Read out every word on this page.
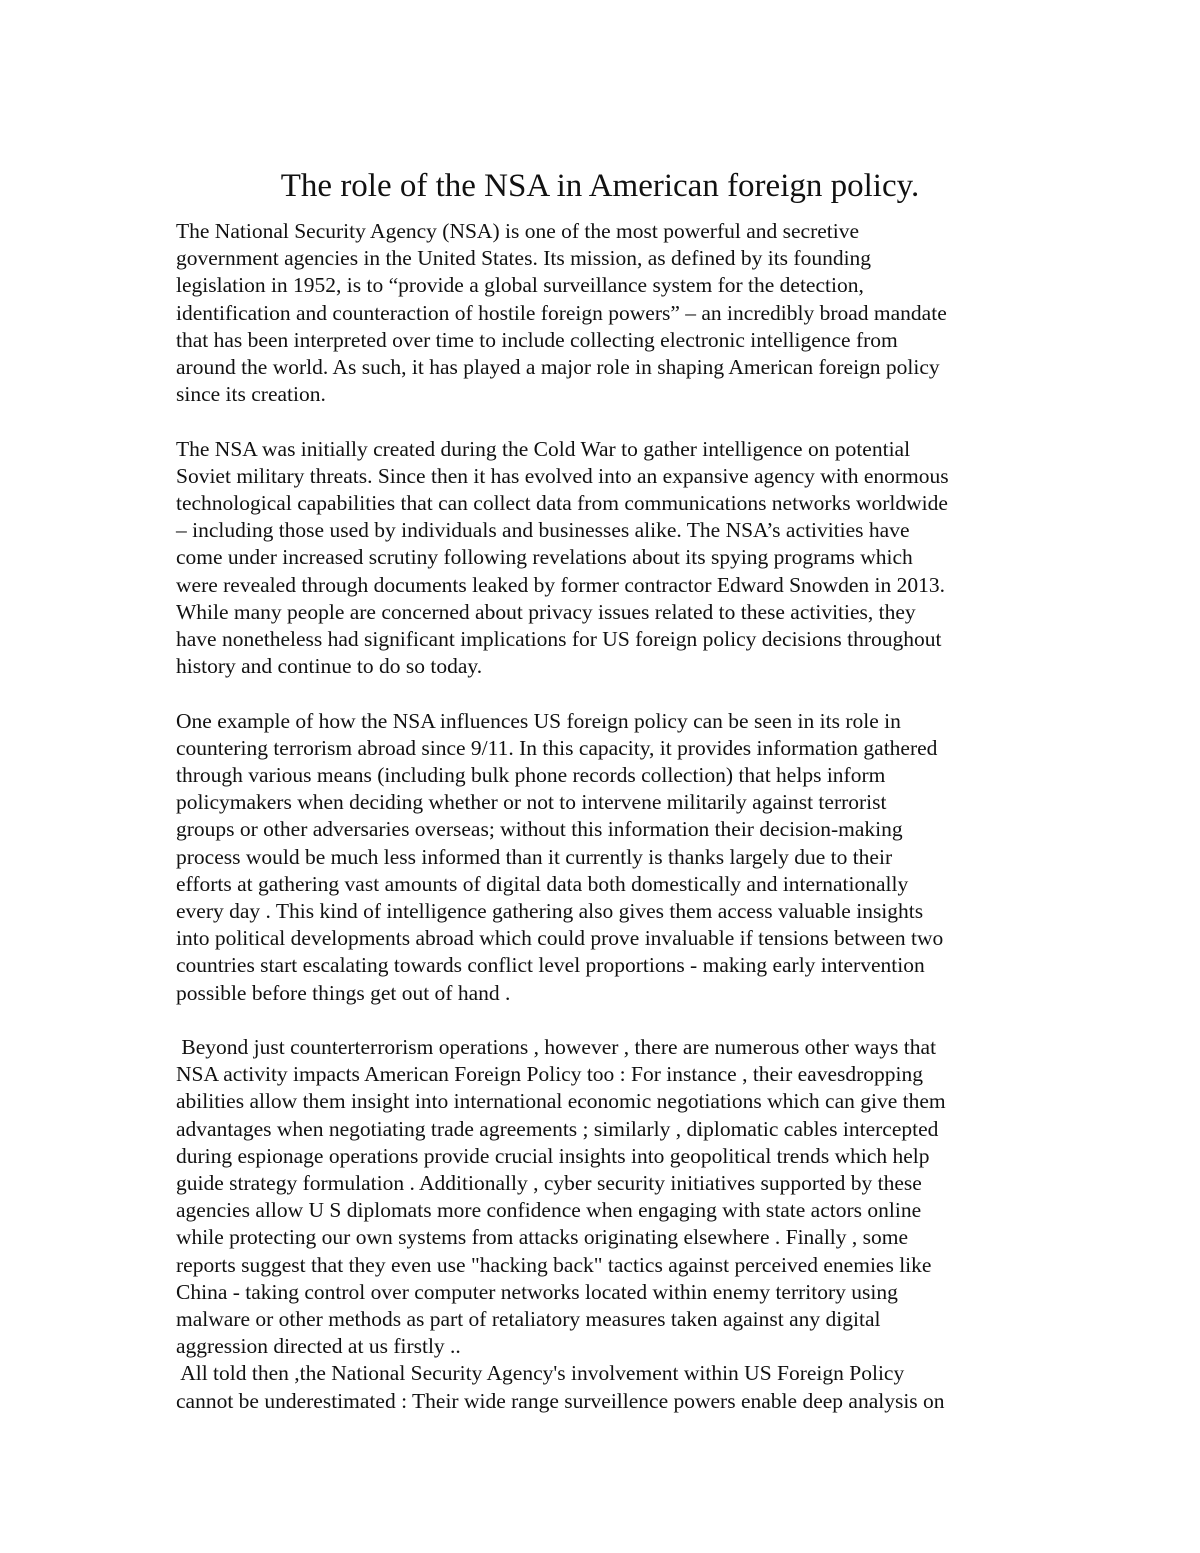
The role of the NSA in American foreign policy.

The National Security Agency (NSA) is one of the most powerful and secretive
government agencies in the United States. Its mission, as defined by its founding
legislation in 1952, is to “provide a global surveillance system for the detection,
identification and counteraction of hostile foreign powers” – an incredibly broad mandate
that has been interpreted over time to include collecting electronic intelligence from
around the world. As such, it has played a major role in shaping American foreign policy
since its creation.

The NSA was initially created during the Cold War to gather intelligence on potential
Soviet military threats. Since then it has evolved into an expansive agency with enormous
technological capabilities that can collect data from communications networks worldwide
– including those used by individuals and businesses alike. The NSA’s activities have
come under increased scrutiny following revelations about its spying programs which
were revealed through documents leaked by former contractor Edward Snowden in 2013.
While many people are concerned about privacy issues related to these activities, they
have nonetheless had significant implications for US foreign policy decisions throughout
history and continue to do so today.

One example of how the NSA influences US foreign policy can be seen in its role in
countering terrorism abroad since 9/11. In this capacity, it provides information gathered
through various means (including bulk phone records collection) that helps inform
policymakers when deciding whether or not to intervene militarily against terrorist
groups or other adversaries overseas; without this information their decision-making
process would be much less informed than it currently is thanks largely due to their
efforts at gathering vast amounts of digital data both domestically and internationally
every day . This kind of intelligence gathering also gives them access valuable insights
into political developments abroad which could prove invaluable if tensions between two
countries start escalating towards conflict level proportions - making early intervention
possible before things get out of hand .

Beyond just counterterrorism operations , however , there are numerous other ways that
NSA activity impacts American Foreign Policy too : For instance , their eavesdropping
abilities allow them insight into international economic negotiations which can give them
advantages when negotiating trade agreements ; similarly , diplomatic cables intercepted
during espionage operations provide crucial insights into geopolitical trends which help
guide strategy formulation . Additionally , cyber security initiatives supported by these
agencies allow U S diplomats more confidence when engaging with state actors online
while protecting our own systems from attacks originating elsewhere . Finally , some
reports suggest that they even use "hacking back" tactics against perceived enemies like
China - taking control over computer networks located within enemy territory using
malware or other methods as part of retaliatory measures taken against any digital
aggression directed at us firstly ..

All told then ,the National Security Agency's involvement within US Foreign Policy
cannot be underestimated : Their wide range surveillence powers enable deep analysis on
